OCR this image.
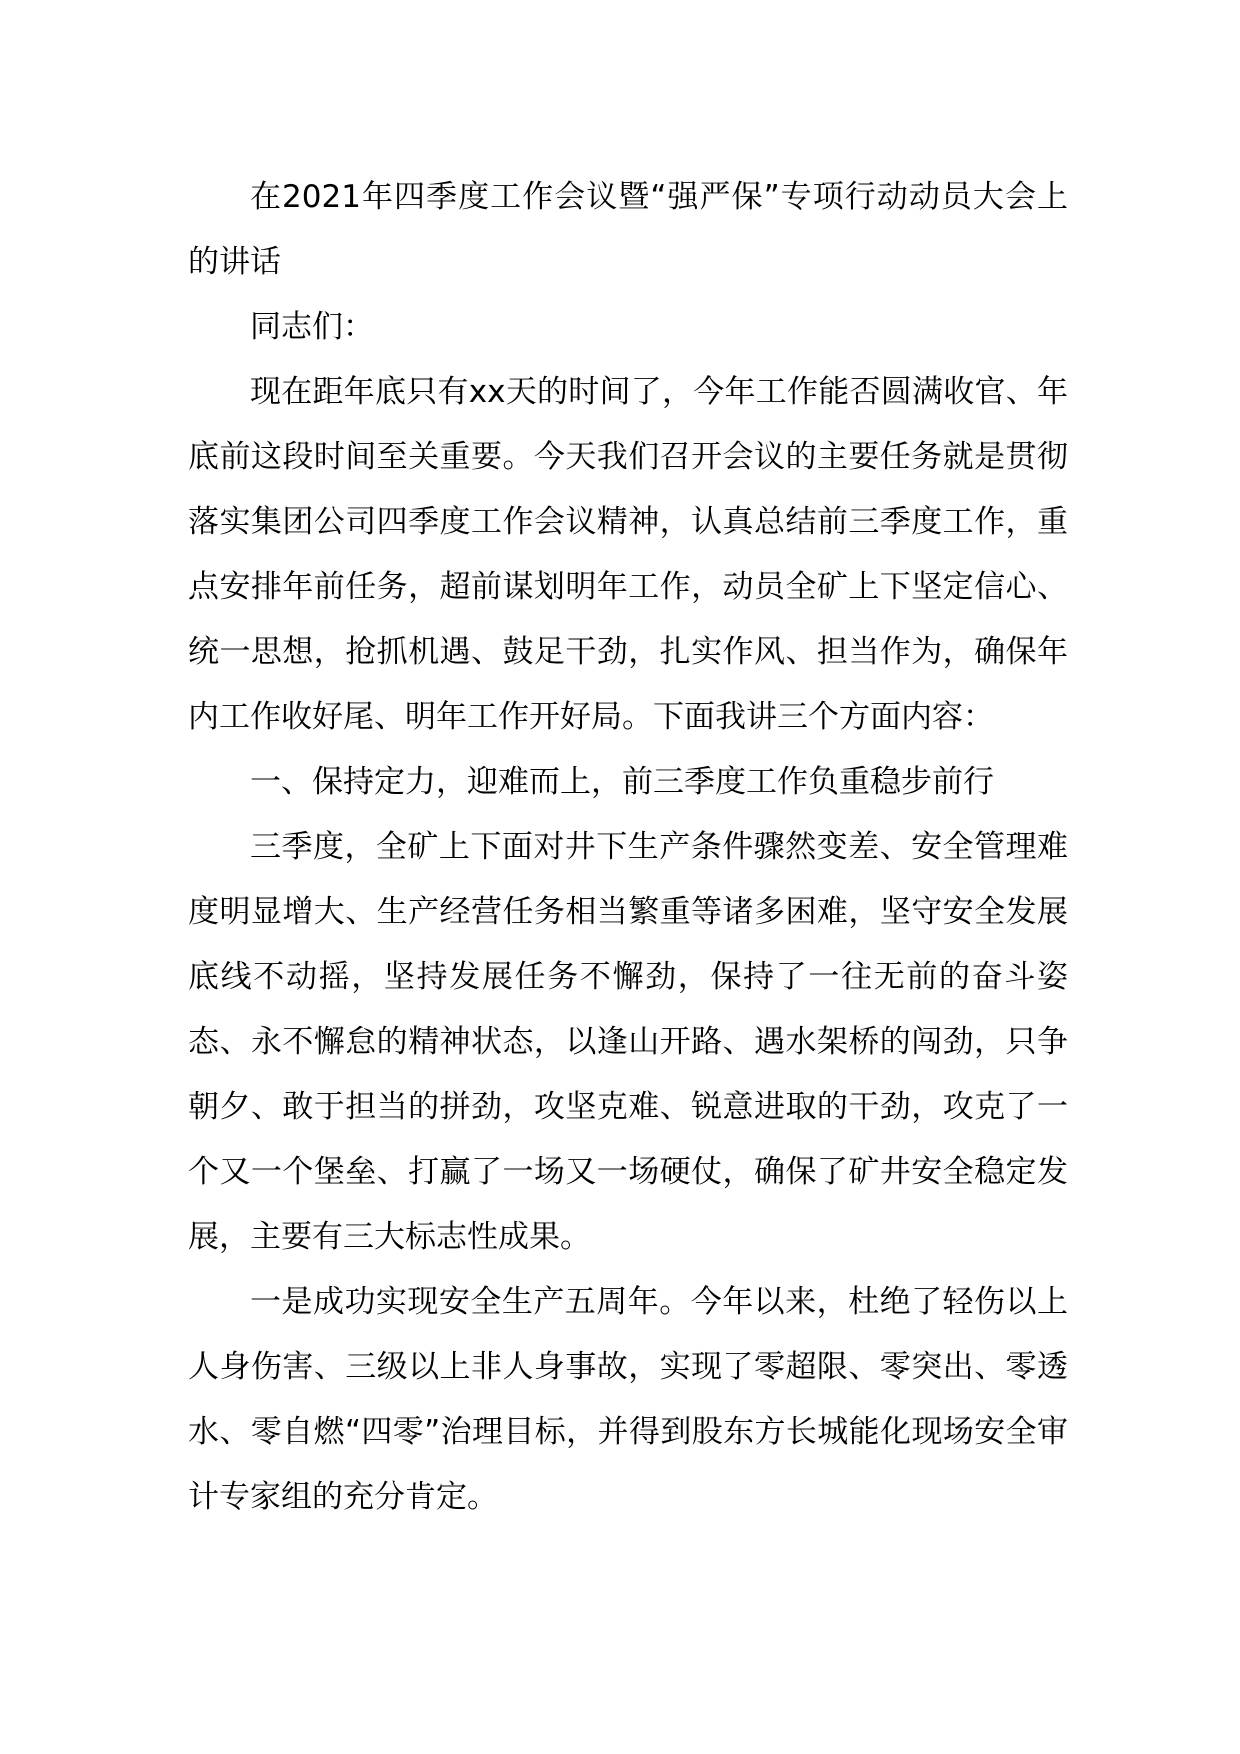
在2021年四季度工作会议暨“强严保”专项行动动员大会上的讲话

同志们：

现在距年底只有xx天的时间了，今年工作能否圆满收官、年底前这段时间至关重要。今天我们召开会议的主要任务就是贯彻落实集团公司四季度工作会议精神，认真总结前三季度工作，重点安排年前任务，超前谋划明年工作，动员全矿上下坚定信心、统一思想，抢抓机遇、鼓足干劲，扎实作风、担当作为，确保年内工作收好尾、明年工作开好局。下面我讲三个方面内容：

一、保持定力，迎难而上，前三季度工作负重稳步前行

三季度，全矿上下面对井下生产条件骤然变差、安全管理难度明显增大、生产经营任务相当繁重等诸多困难，坚守安全发展底线不动摇，坚持发展任务不懈劲，保持了一往无前的奋斗姿态、永不懈怠的精神状态，以逢山开路、遇水架桥的闯劲，只争朝夕、敢于担当的拼劲，攻坚克难、锐意进取的干劲，攻克了一个又一个堡垒、打赢了一场又一场硬仗，确保了矿井安全稳定发展，主要有三大标志性成果。

一是成功实现安全生产五周年。今年以来，杜绝了轻伤以上人身伤害、三级以上非人身事故，实现了零超限、零突出、零透水、零自燃“四零”治理目标，并得到股东方长城能化现场安全审计专家组的充分肯定。
